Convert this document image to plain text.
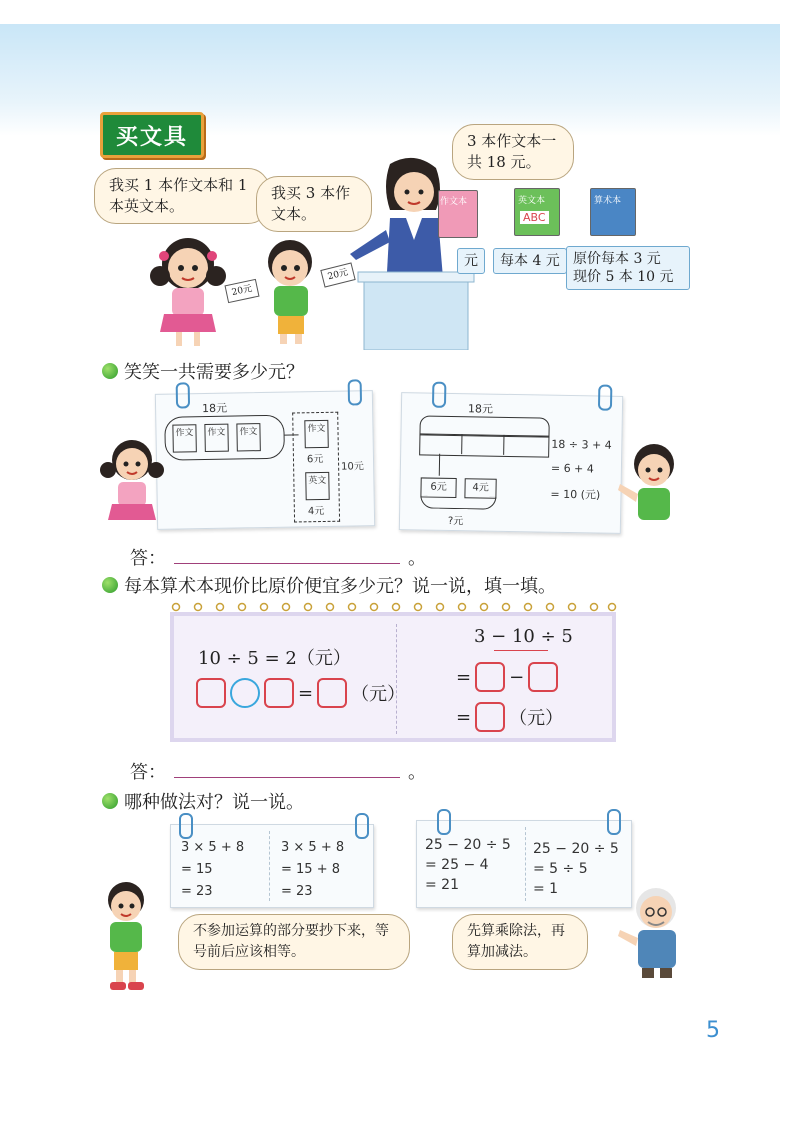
买文具
我买 1 本作文本和 1 本英文本。
我买 3 本作文本。
3 本作文本一共 18 元。
20元
20元
作文本
元
英文本
ABC
每本 4 元
算术本
原价每本 3 元
现价 5 本 10 元
笑笑一共需要多少元？
18元
作文	作文	作文	作文
6元
英文
4元
10元
18元
6元	4元
?元
18 ÷ 3 + 4
= 6 + 4
= 10 (元)
答：	。
每本算术本现价比原价便宜多少元？说一说，填一填。
10 ÷ 5 = 2（元）
= （元）
3 − 10 ÷ 5
= −
= （元）
答：	。
哪种做法对？说一说。
3 × 5 + 8
= 15
= 23
3 × 5 + 8
= 15 + 8
= 23
25 − 20 ÷ 5
= 25 − 4
= 21
25 − 20 ÷ 5
= 5 ÷ 5
= 1
不参加运算的部分要抄下来，等号前后应该相等。
先算乘除法，再算加减法。
5
